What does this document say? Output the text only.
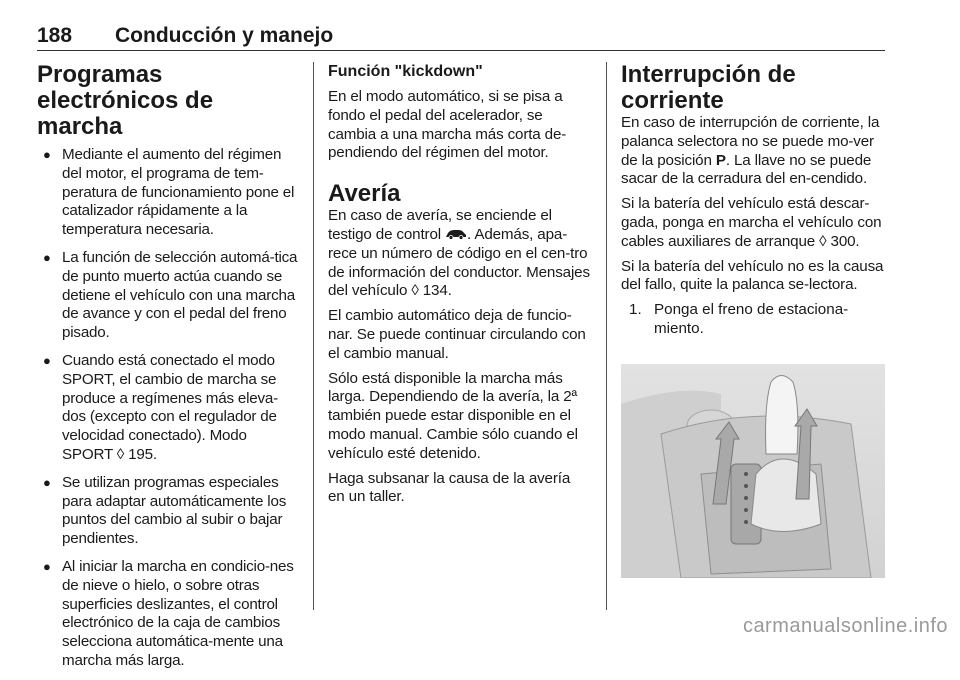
188 Conducción y manejo
Programas electrónicos de marcha
● Mediante el aumento del régimen del motor, el programa de tem-peratura de funcionamiento pone el catalizador rápidamente a la temperatura necesaria.
● La función de selección automá-tica de punto muerto actúa cuando se detiene el vehículo con una marcha de avance y con el pedal del freno pisado.
● Cuando está conectado el modo SPORT, el cambio de marcha se produce a regímenes más eleva-dos (excepto con el regulador de velocidad conectado). Modo SPORT ◊ 195.
● Se utilizan programas especiales para adaptar automáticamente los puntos del cambio al subir o bajar pendientes.
● Al iniciar la marcha en condicio-nes de nieve o hielo, o sobre otras superficies deslizantes, el control electrónico de la caja de cambios selecciona automática-mente una marcha más larga.
Función "kickdown"

En el modo automático, si se pisa a fondo el pedal del acelerador, se cambia a una marcha más corta de-pendiendo del régimen del motor.

Avería

En caso de avería, se enciende el testigo de control . Además, apa-rece un número de código en el cen-tro de información del conductor. Mensajes del vehículo ◊ 134.

El cambio automático deja de funcio-nar. Se puede continuar circulando con el cambio manual.

Sólo está disponible la marcha más larga. Dependiendo de la avería, la 2ª también puede estar disponible en el modo manual. Cambie sólo cuando el vehículo esté detenido.

Haga subsanar la causa de la avería en un taller.

Interrupción de corriente

En caso de interrupción de corriente, la palanca selectora no se puede mo-ver de la posición P. La llave no se puede sacar de la cerradura del en-cendido.

Si la batería del vehículo está descar-gada, ponga en marcha el vehículo con cables auxiliares de arranque ◊ 300.

Si la batería del vehículo no es la causa del fallo, quite la palanca se-lectora.

1. Ponga el freno de estaciona-miento.
carmanualsonline.info
